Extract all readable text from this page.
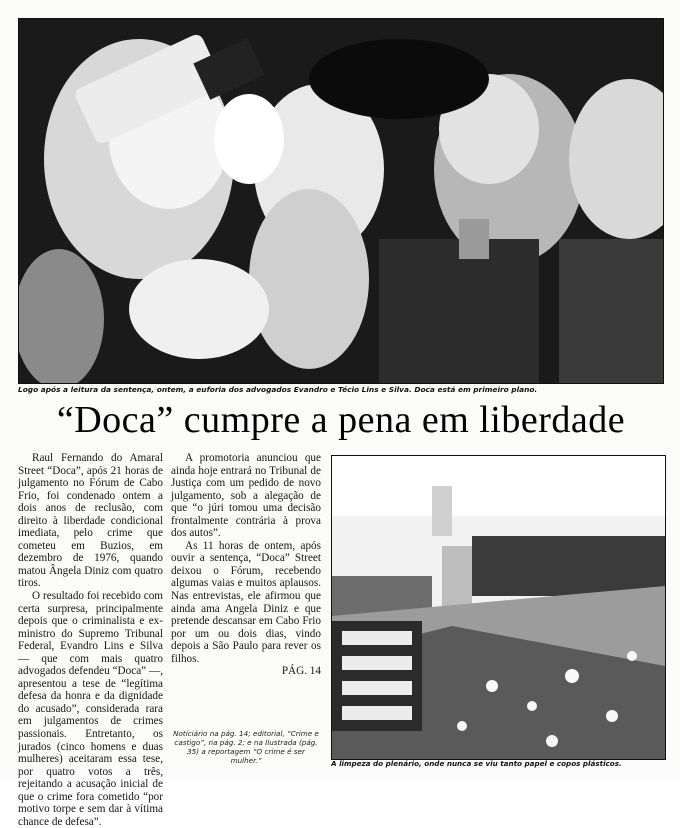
Logo após a leitura da sentença, ontem, a euforia dos advogados Evandro e Técio Lins e Silva. Doca está em primeiro plano.
“Doca” cumpre a pena em liberdade

Raul Fernando do Amaral Street “Doca”, após 21 horas de julgamento no Fórum de Cabo Frio, foi condenado ontem a dois anos de reclusão, com direito à liberdade condicional imediata, pelo crime que cometeu em Buzios, em dezembro de 1976, quando matou Ângela Diniz com quatro tiros.

O resultado foi recebido com certa surpresa, principalmente depois que o criminalista e ex-ministro do Supremo Tribunal Federal, Evandro Lins e Silva — que com mais quatro advogados defendeu “Doca” —, apresentou a tese de “legítima defesa da honra e da dignidade do acusado”, considerada rara em julgamentos de crimes passionais. Entretanto, os jurados (cinco homens e duas mulheres) aceitaram essa tese, por quatro votos a três, rejeitando a acusação inicial de que o crime fora cometido “por motivo torpe e sem dar à vítima chance de defesa”.

A promotoria anunciou que ainda hoje entrará no Tribunal de Justiça com um pedido de novo julgamento, sob a alegação de que “o júri tomou uma decisão frontalmente contrária à prova dos autos”.

As 11 horas de ontem, após ouvir a sentença, “Doca” Street deixou o Fórum, recebendo algumas vaias e muitos aplausos. Nas entrevistas, ele afirmou que ainda ama Angela Diniz e que pretende descansar em Cabo Frio por um ou dois dias, vindo depois a São Paulo para rever os filhos.

PÁG. 14

Noticiário na pág. 14; editorial, “Crime e castigo”, na pág. 2; e na Ilustrada (pág. 35) a reportagem “O crime é ser mulher.”	A limpeza do plenário, onde nunca se viu tanto papel e copos plásticos.
